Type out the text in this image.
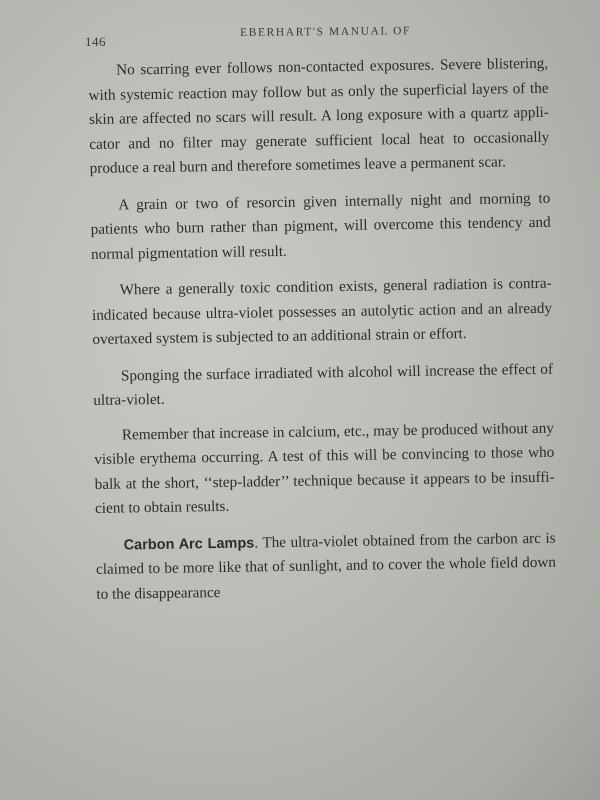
146
EBERHART'S MANUAL OF

No scarring ever follows non-contacted exposures. Severe blistering, with systemic reaction may follow but as only the superficial layers of the skin are affected no scars will result. A long exposure with a quartz applicator and no filter may generate sufficient local heat to occasionally produce a real burn and therefore sometimes leave a permanent scar.

A grain or two of resorcin given internally night and morning to patients who burn rather than pigment, will overcome this tendency and normal pigmentation will result.

Where a generally toxic condition exists, general radiation is contra-indicated because ultra-violet possesses an autolytic action and an already overtaxed system is subjected to an additional strain or effort.

Sponging the surface irradiated with alcohol will increase the effect of ultra-violet.

Remember that increase in calcium, etc., may be produced without any visible erythema occurring. A test of this will be convincing to those who balk at the short, ‘‘step-ladder’’ technique because it appears to be insufficient to obtain results.

Carbon Arc Lamps. The ultra-violet obtained from the carbon arc is claimed to be more like that of sunlight, and to cover the whole field down to the disappearance
